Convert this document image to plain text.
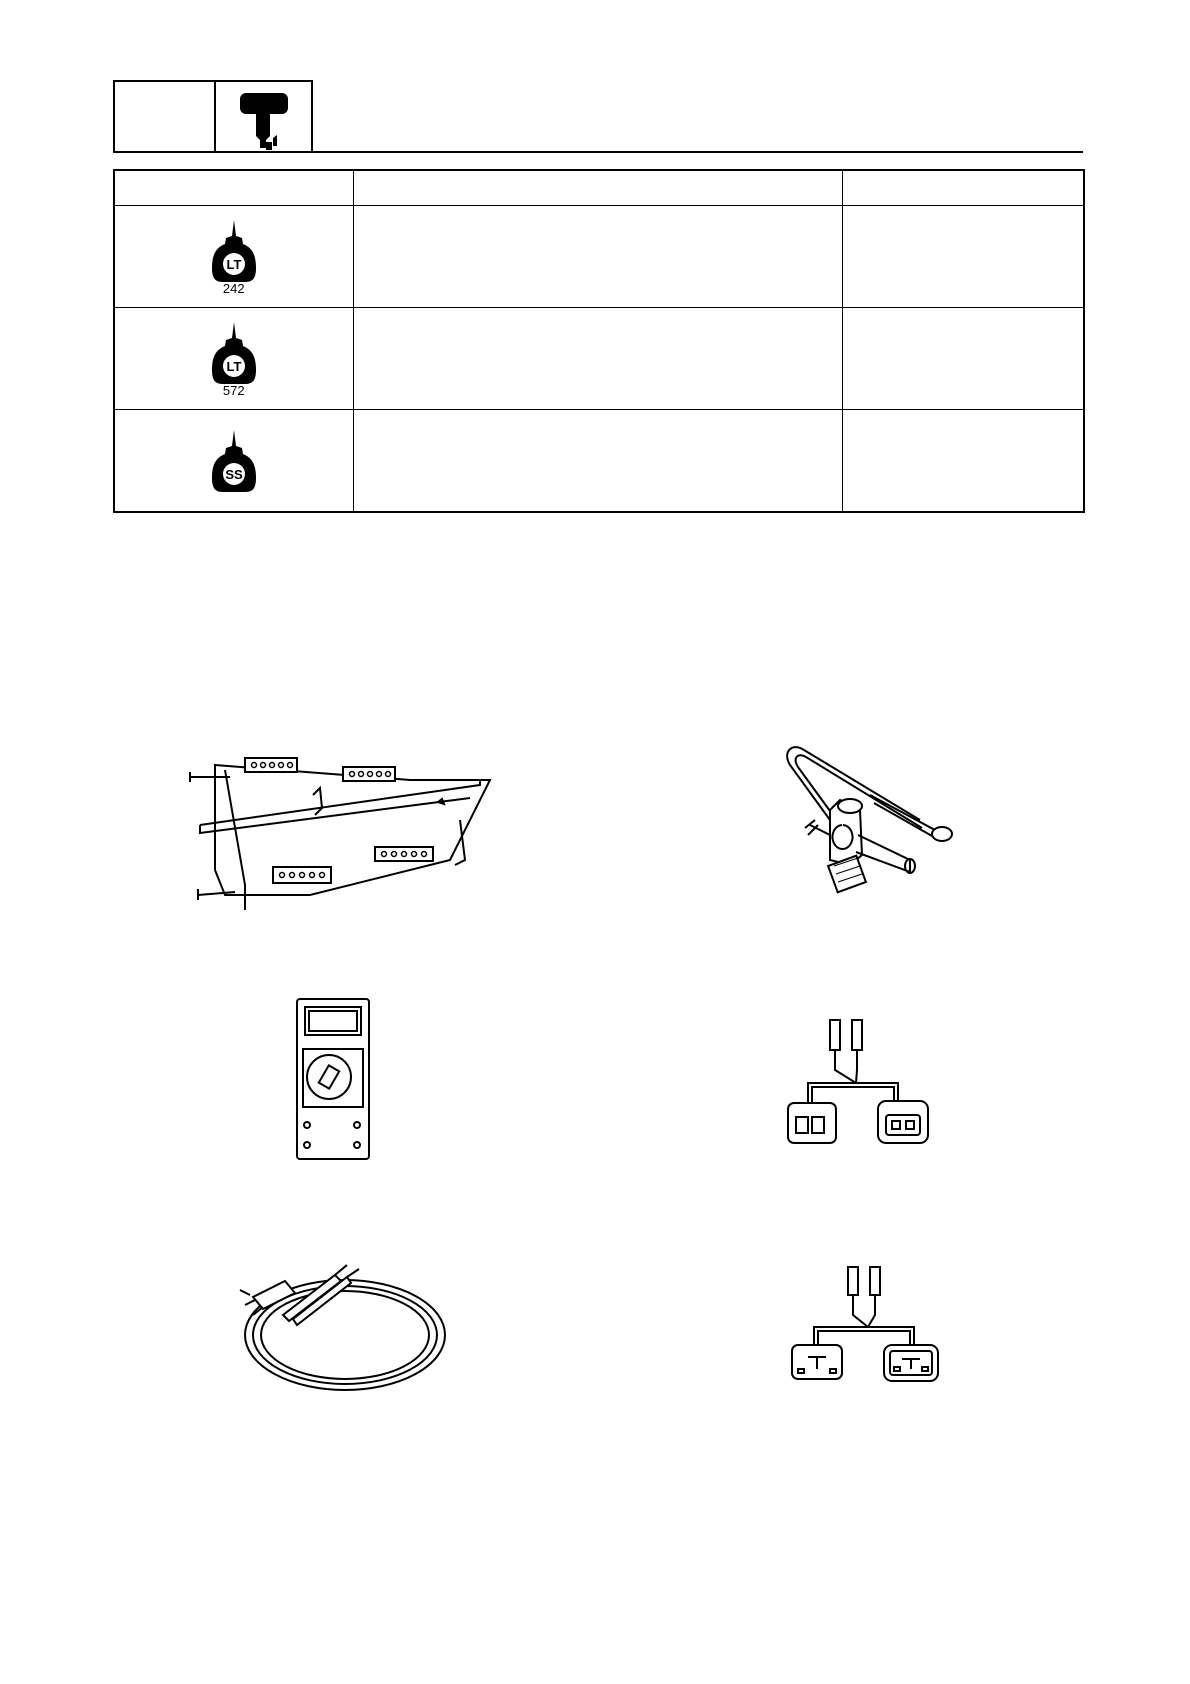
LT
242		

LT
572		

SS		
